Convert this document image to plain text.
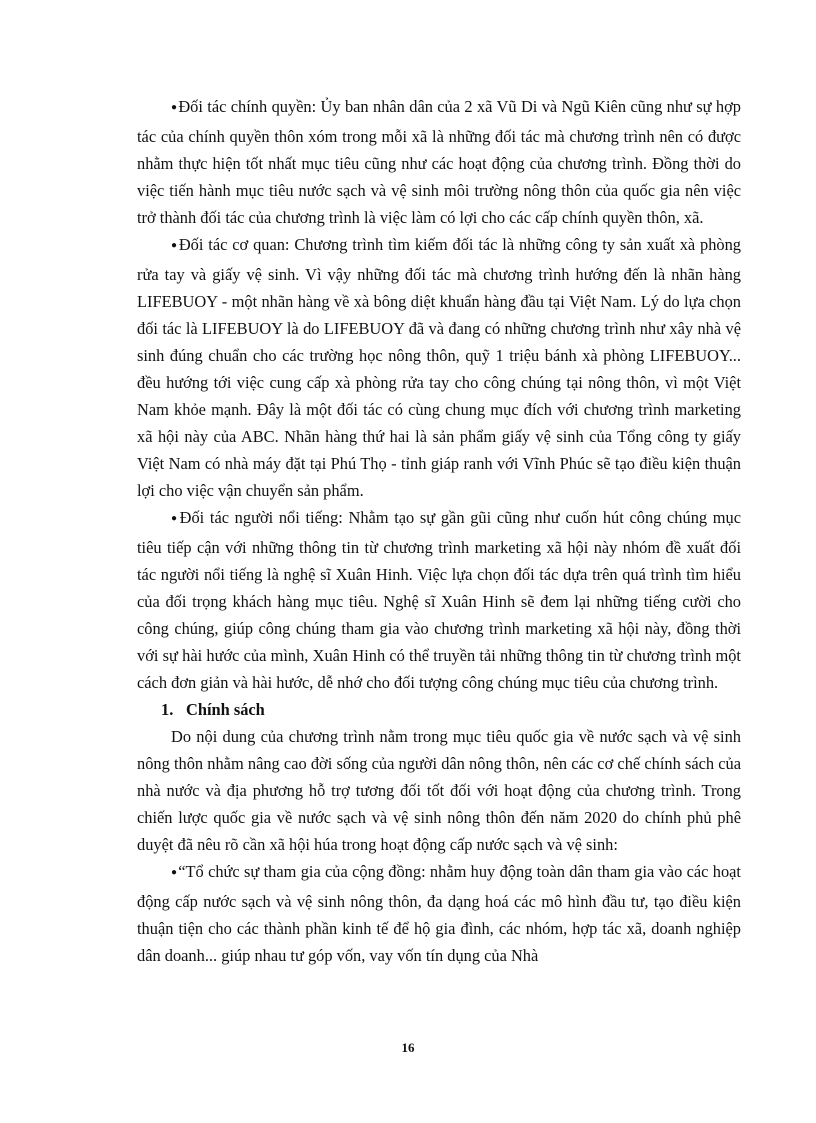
● Đối tác chính quyền: Ủy ban nhân dân của 2 xã Vũ Di và Ngũ Kiên cũng như sự hợp tác của chính quyền thôn xóm trong mỗi xã là những đối tác mà chương trình nên có được nhằm thực hiện tốt nhất mục tiêu cũng như các hoạt động của chương trình. Đồng thời do việc tiến hành mục tiêu nước sạch và vệ sinh môi trường nông thôn của quốc gia nên việc trở thành đối tác của chương trình là việc làm có lợi cho các cấp chính quyền thôn, xã.

● Đối tác cơ quan: Chương trình tìm kiếm đối tác là những công ty sản xuất xà phòng rửa tay và giấy vệ sinh. Vì vậy những đối tác mà chương trình hướng đến là nhãn hàng LIFEBUOY - một nhãn hàng về xà bông diệt khuẩn hàng đầu tại Việt Nam. Lý do lựa chọn đối tác là LIFEBUOY là do LIFEBUOY đã và đang có những chương trình như xây nhà vệ sinh đúng chuẩn cho các trường học nông thôn, quỹ 1 triệu bánh xà phòng LIFEBUOY... đều hướng tới việc cung cấp xà phòng rửa tay cho công chúng tại nông thôn, vì một Việt Nam khỏe mạnh. Đây là một đối tác có cùng chung mục đích với chương trình marketing xã hội này của ABC. Nhãn hàng thứ hai là sản phẩm giấy vệ sinh của Tổng công ty giấy Việt Nam có nhà máy đặt tại Phú Thọ - tỉnh giáp ranh với Vĩnh Phúc sẽ tạo điều kiện thuận lợi cho việc vận chuyển sản phẩm.

● Đối tác người nổi tiếng: Nhằm tạo sự gần gũi cũng như cuốn hút công chúng mục tiêu tiếp cận với những thông tin từ chương trình marketing xã hội này nhóm đề xuất đối tác người nổi tiếng là nghệ sĩ Xuân Hinh. Việc lựa chọn đối tác dựa trên quá trình tìm hiểu của đối trọng khách hàng mục tiêu. Nghệ sĩ Xuân Hinh sẽ đem lại những tiếng cười cho công chúng, giúp công chúng tham gia vào chương trình marketing xã hội này, đồng thời với sự hài hước của mình, Xuân Hinh có thể truyền tải những thông tin từ chương trình một cách đơn giản và hài hước, dễ nhớ cho đối tượng công chúng mục tiêu của chương trình.

1. Chính sách

Do nội dung của chương trình nằm trong mục tiêu quốc gia về nước sạch và vệ sinh nông thôn nhằm nâng cao đời sống của người dân nông thôn, nên các cơ chế chính sách của nhà nước và địa phương hỗ trợ tương đối tốt đối với hoạt động của chương trình. Trong chiến lược quốc gia về nước sạch và vệ sinh nông thôn đến năm 2020 do chính phủ phê duyệt đã nêu rõ cần xã hội húa trong hoạt động cấp nước sạch và vệ sinh:

● “Tổ chức sự tham gia của cộng đồng: nhằm huy động toàn dân tham gia vào các hoạt động cấp nước sạch và vệ sinh nông thôn, đa dạng hoá các mô hình đầu tư, tạo điều kiện thuận tiện cho các thành phần kinh tế để hộ gia đình, các nhóm, hợp tác xã, doanh nghiệp dân doanh... giúp nhau tư góp vốn, vay vốn tín dụng của Nhà

16
